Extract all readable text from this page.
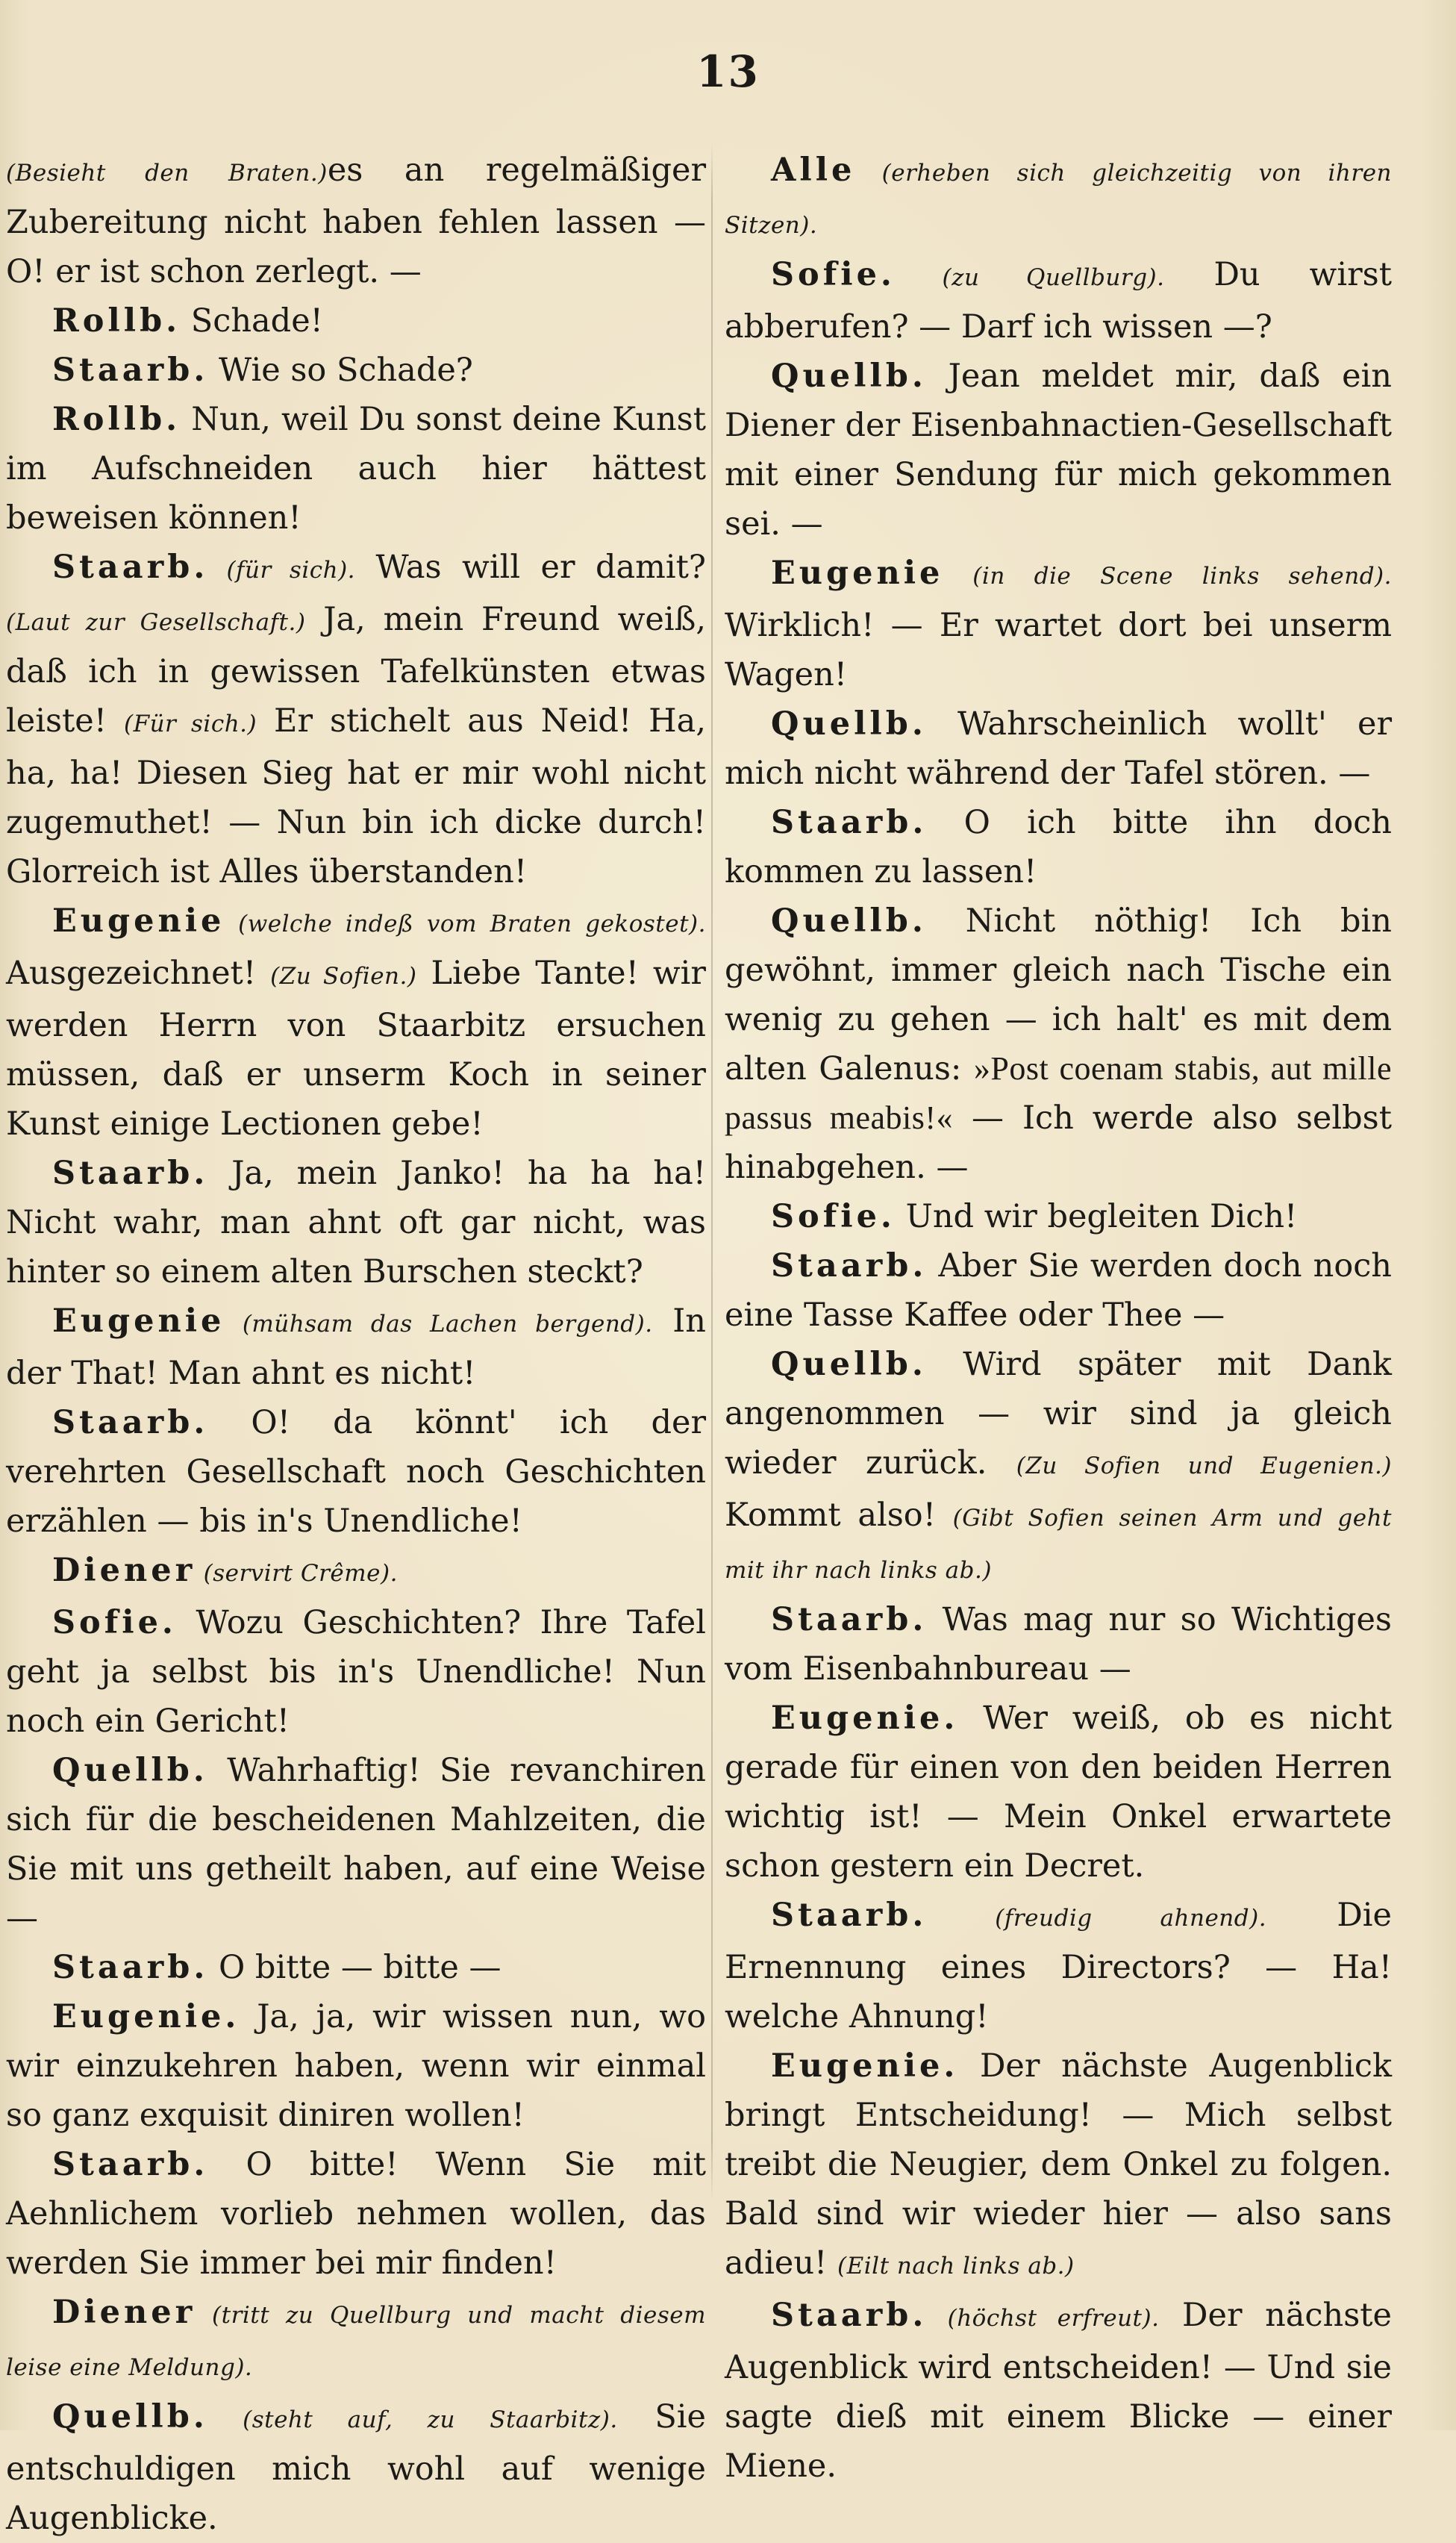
13

(Besieht den Braten.)es an regelmäßiger Zubereitung nicht haben fehlen lassen — O! er ist schon zerlegt. —

Rollb. Schade!

Staarb. Wie so Schade?

Rollb. Nun, weil Du sonst deine Kunst im Aufschneiden auch hier hättest beweisen können!

Staarb. (für sich). Was will er damit? (Laut zur Gesellschaft.) Ja, mein Freund weiß, daß ich in gewissen Tafelkünsten etwas leiste! (Für sich.) Er stichelt aus Neid! Ha, ha, ha! Diesen Sieg hat er mir wohl nicht zugemuthet! — Nun bin ich dicke durch! Glorreich ist Alles überstanden!

Eugenie (welche indeß vom Braten gekostet). Ausgezeichnet! (Zu Sofien.) Liebe Tante! wir werden Herrn von Staarbitz ersuchen müssen, daß er unserm Koch in seiner Kunst einige Lectionen gebe!

Staarb. Ja, mein Janko! ha ha ha! Nicht wahr, man ahnt oft gar nicht, was hinter so einem alten Burschen steckt?

Eugenie (mühsam das Lachen bergend). In der That! Man ahnt es nicht!

Staarb. O! da könnt' ich der verehrten Gesellschaft noch Geschichten erzählen — bis in's Unendliche!

Diener (servirt Crême).

Sofie. Wozu Geschichten? Ihre Tafel geht ja selbst bis in's Unendliche! Nun noch ein Gericht!

Quellb. Wahrhaftig! Sie revanchiren sich für die bescheidenen Mahlzeiten, die Sie mit uns getheilt haben, auf eine Weise —

Staarb. O bitte — bitte —

Eugenie. Ja, ja, wir wissen nun, wo wir einzukehren haben, wenn wir einmal so ganz exquisit diniren wollen!

Staarb. O bitte! Wenn Sie mit Aehnlichem vorlieb nehmen wollen, das werden Sie immer bei mir finden!

Diener (tritt zu Quellburg und macht diesem leise eine Meldung).

Quellb. (steht auf, zu Staarbitz). Sie entschuldigen mich wohl auf wenige Augenblicke.

Alle (erheben sich gleichzeitig von ihren Sitzen).

Sofie. (zu Quellburg). Du wirst abberufen? — Darf ich wissen —?

Quellb. Jean meldet mir, daß ein Diener der Eisenbahnactien-Gesellschaft mit einer Sendung für mich gekommen sei. —

Eugenie (in die Scene links sehend). Wirklich! — Er wartet dort bei unserm Wagen!

Quellb. Wahrscheinlich wollt' er mich nicht während der Tafel stören. —

Staarb. O ich bitte ihn doch kommen zu lassen!

Quellb. Nicht nöthig! Ich bin gewöhnt, immer gleich nach Tische ein wenig zu gehen — ich halt' es mit dem alten Galenus: »Post coenam stabis, aut mille passus meabis!« — Ich werde also selbst hinabgehen. —

Sofie. Und wir begleiten Dich!

Staarb. Aber Sie werden doch noch eine Tasse Kaffee oder Thee —

Quellb. Wird später mit Dank angenommen — wir sind ja gleich wieder zurück. (Zu Sofien und Eugenien.) Kommt also! (Gibt Sofien seinen Arm und geht mit ihr nach links ab.)

Staarb. Was mag nur so Wichtiges vom Eisenbahnbureau —

Eugenie. Wer weiß, ob es nicht gerade für einen von den beiden Herren wichtig ist! — Mein Onkel erwartete schon gestern ein Decret.

Staarb. (freudig ahnend). Die Ernennung eines Directors? — Ha! welche Ahnung!

Eugenie. Der nächste Augenblick bringt Entscheidung! — Mich selbst treibt die Neugier, dem Onkel zu folgen. Bald sind wir wieder hier — also sans adieu! (Eilt nach links ab.)

Staarb. (höchst erfreut). Der nächste Augenblick wird entscheiden! — Und sie sagte dieß mit einem Blicke — einer Miene.
